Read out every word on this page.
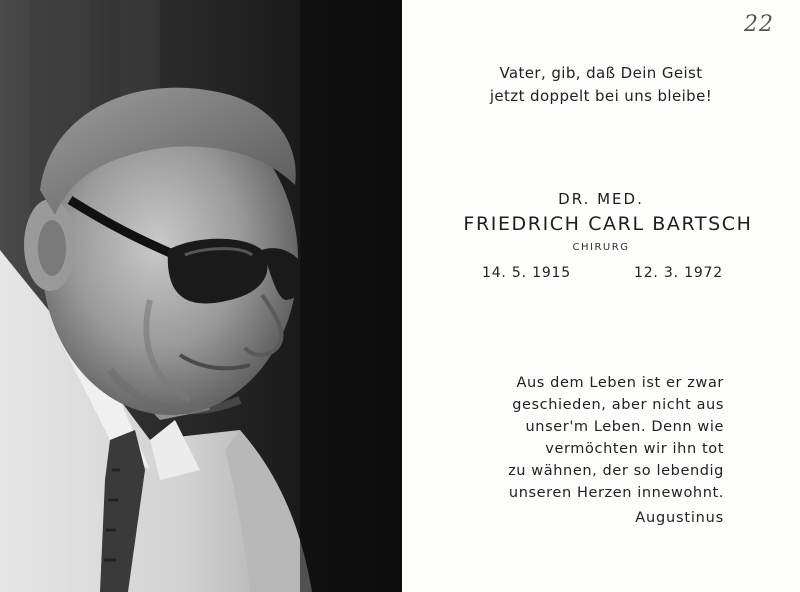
22
Vater, gib, daß Dein Geist
jetzt doppelt bei uns bleibe!
DR. MED.
FRIEDRICH CARL BARTSCH
CHIRURG
14. 5. 1915	12. 3. 1972
Aus dem Leben ist er zwar
geschieden, aber nicht aus
unser'm Leben. Denn wie
vermöchten wir ihn tot
zu wähnen, der so lebendig
unseren Herzen innewohnt.
Augustinus
